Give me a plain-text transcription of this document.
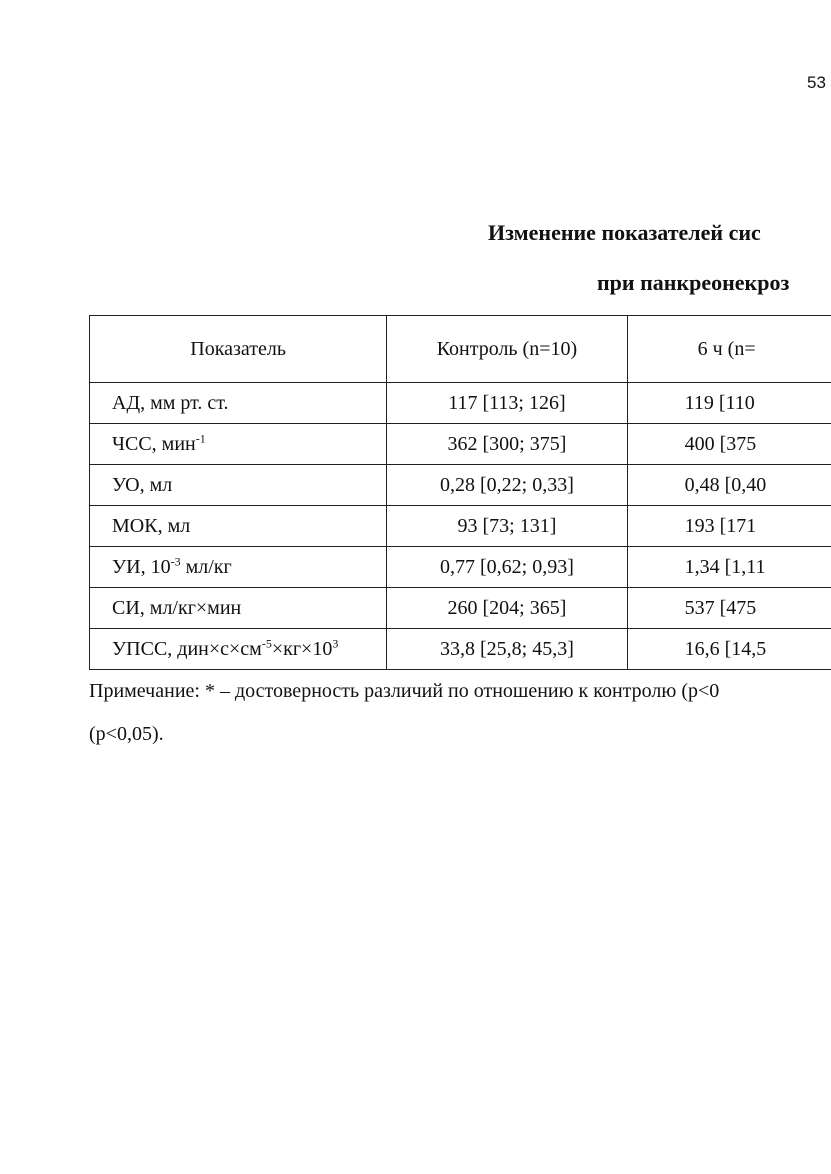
53
Изменение показателей сис
при панкреонекроз
Показатель	Контроль (n=10)	6 ч (n=
АД, мм рт. ст.	117 [113; 126]	119 [110
ЧСС, мин$^{-1}$	362 [300; 375]	400 [375
УО, мл	0,28 [0,22; 0,33]	0,48 [0,40
МОК, мл	93 [73; 131]	193 [171
УИ, $10^{-3}$ мл/кг	0,77 [0,62; 0,93]	1,34 [1,11
СИ, мл/кг×мин	260 [204; 365]	537 [475
УПСС, $дин\times с\times см^{-5}\times кг\times 10^3$	33,8 [25,8; 45,3]	16,6 [14,5
Примечание: * – достоверность различий по отношению к контролю (р<0
(р<0,05).
